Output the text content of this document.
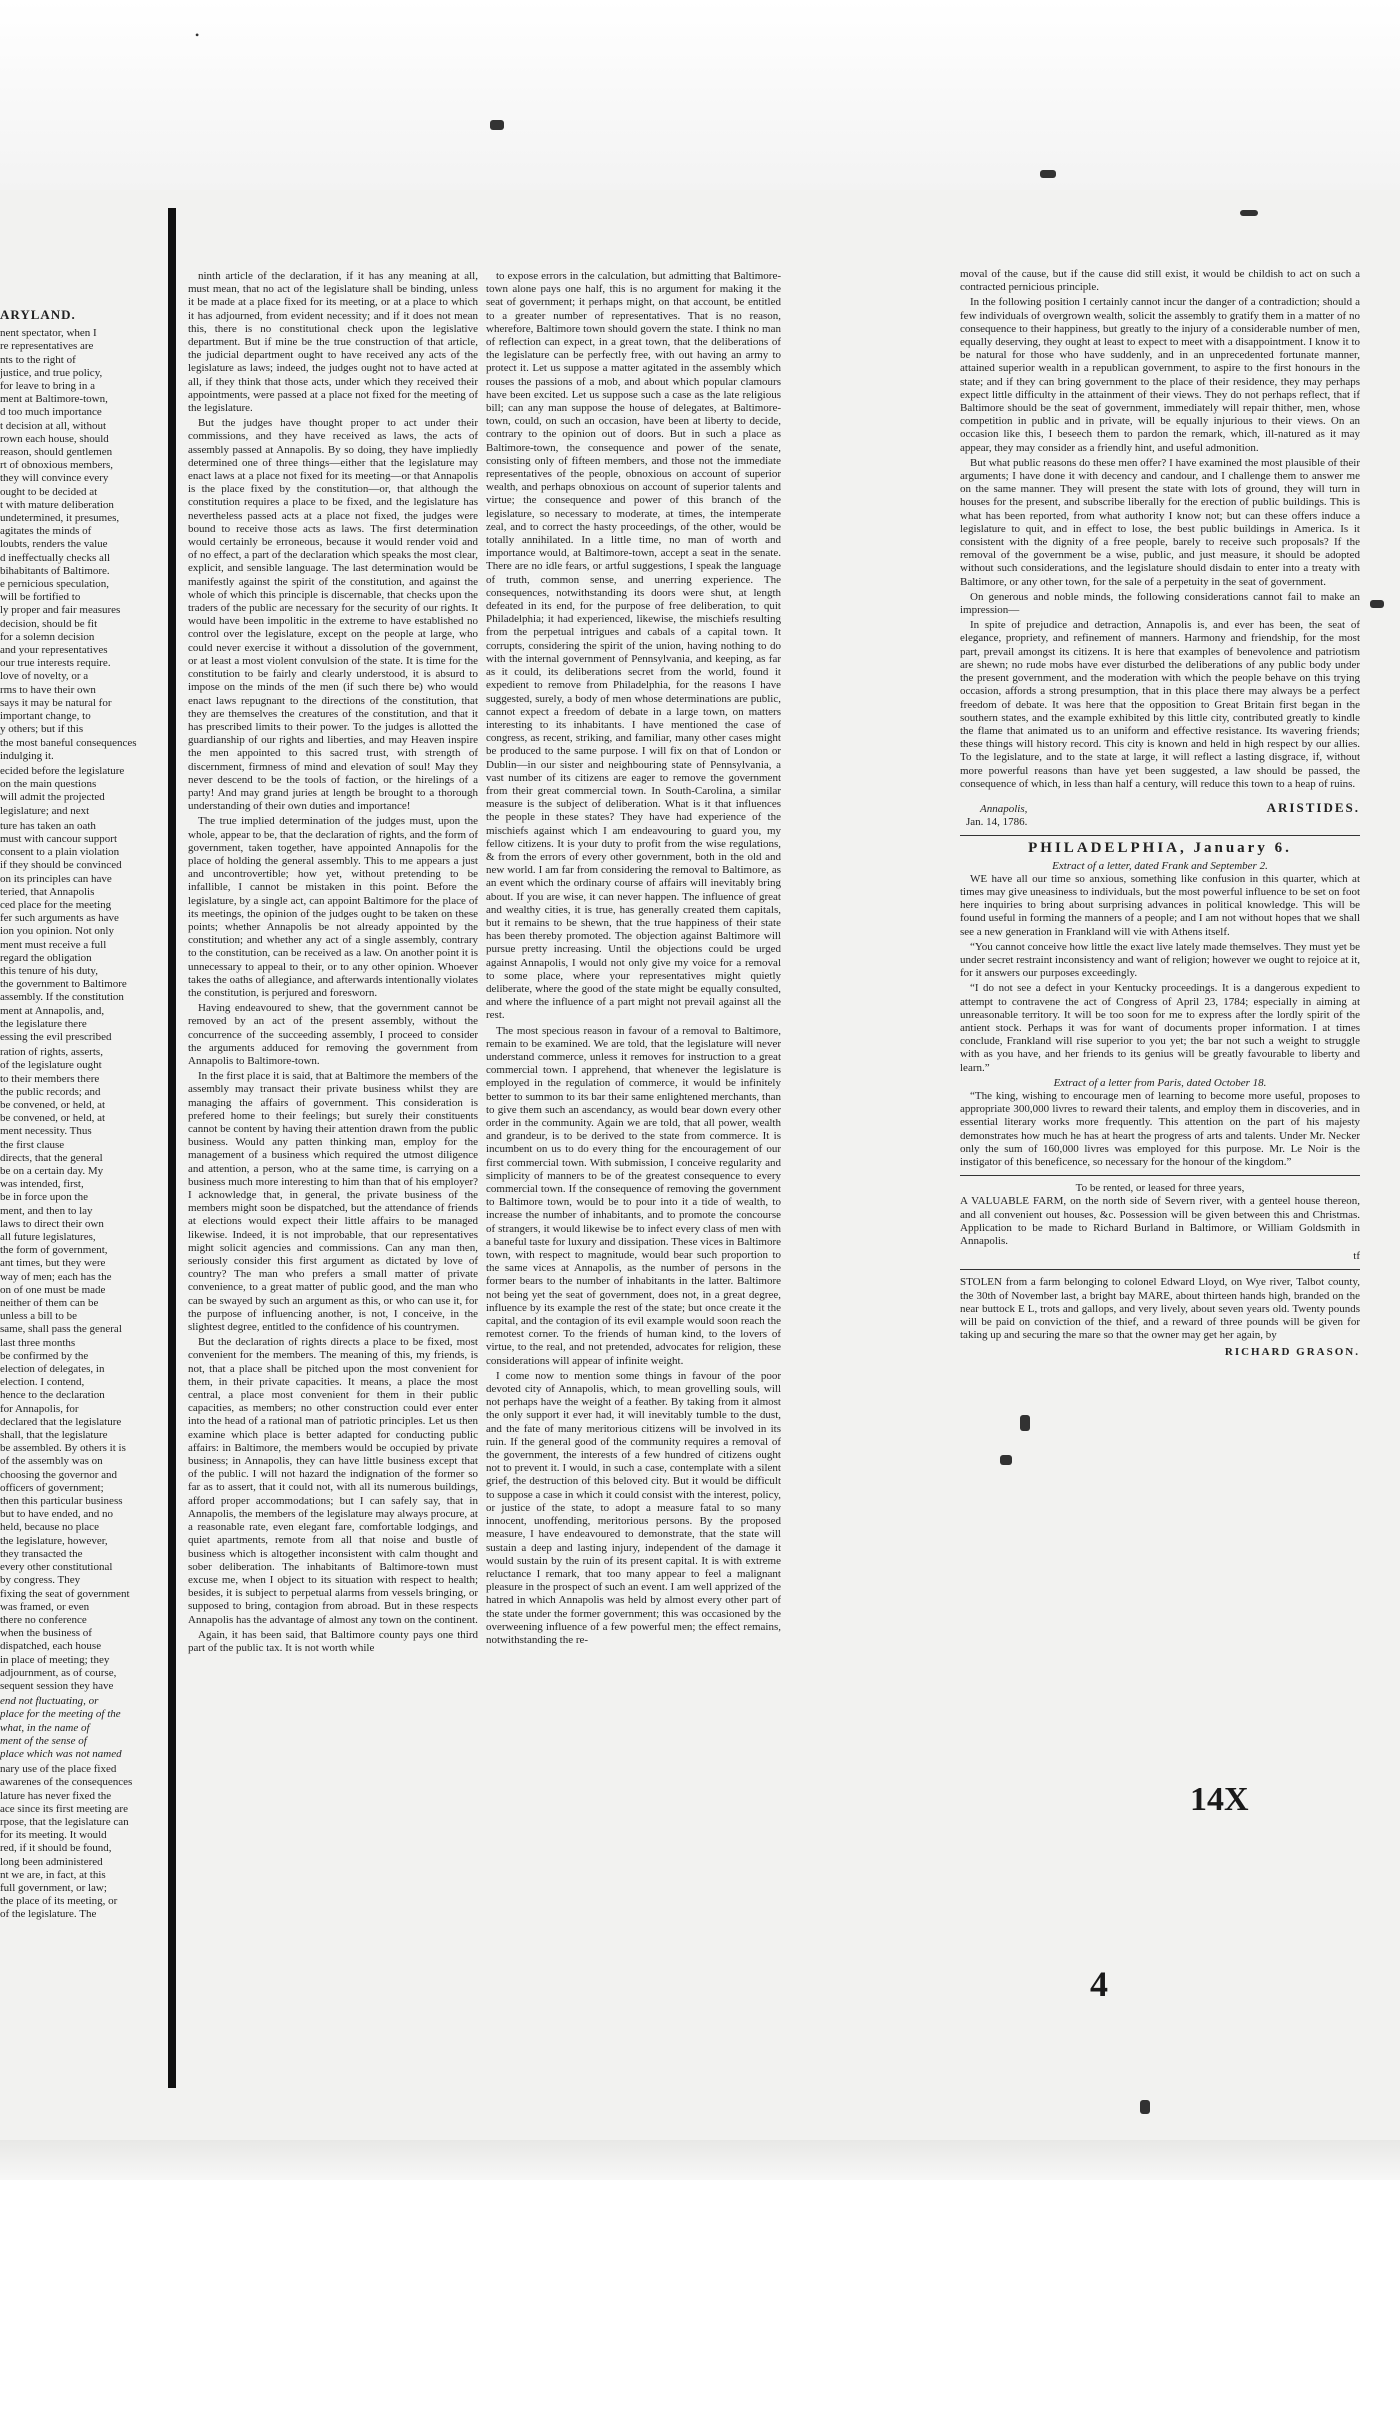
•
ARYLAND.

nent spectator, when I
re representatives are
nts to the right of
justice, and true policy,
for leave to bring in a
ment at Baltimore-town,
d too much importance
t decision at all, without
rown each house, should
reason, should gentlemen
rt of obnoxious members,
they will convince every
ought to be decided at
t with mature deliberation
undetermined, it presumes,
agitates the minds of
loubts, renders the value
d ineffectually checks all
bihabitants of Baltimore.
e pernicious speculation,
will be fortified to
ly proper and fair measures
decision, should be fit
for a solemn decision
and your representatives
our true interests require.
love of novelty, or a
rms to have their own
says it may be natural for
important change, to
y others; but if this
the most baneful consequences
indulging it.

ecided before the legislature
on the main questions
will admit the projected
legislature; and next

ture has taken an oath
must with cancour support
consent to a plain violation
if they should be convinced
on its principles can have
teried, that Annapolis
ced place for the meeting
fer such arguments as have
ion you opinion. Not only
ment must receive a full
regard the obligation
this tenure of his duty,
the government to Baltimore
assembly. If the constitution
ment at Annapolis, and,
the legislature there
essing the evil prescribed

ration of rights, asserts,
of the legislature ought
to their members there
the public records; and
be convened, or held, at
be convened, or held, at
ment necessity. Thus
the first clause
directs, that the general
be on a certain day. My
was intended, first,
be in force upon the
ment, and then to lay
laws to direct their own
all future legislatures,
the form of government,
ant times, but they were
way of men; each has the
on of one must be made
neither of them can be
unless a bill to be
same, shall pass the general
last three months
be confirmed by the
election of delegates, in
election. I contend,
hence to the declaration
for Annapolis, for
declared that the legislature
shall, that the legislature
be assembled. By others it is
of the assembly was on
choosing the governor and
officers of government;
then this particular business
but to have ended, and no
held, because no place
the legislature, however,
they transacted the
every other constitutional
by congress. They
fixing the seat of government
was framed, or even
there no conference
when the business of
dispatched, each house
in place of meeting; they
adjournment, as of course,
sequent session they have

end not fluctuating, or
place for the meeting of the
what, in the name of
ment of the sense of
place which was not named

nary use of the place fixed
awarenes of the consequences
lature has never fixed the
ace since its first meeting are
rpose, that the legislature can
for its meeting. It would
red, if it should be found,
long been administered
nt we are, in fact, at this
full government, or law;
the place of its meeting, or
of the legislature. The

ninth article of the declaration, if it has any meaning at all, must mean, that no act of the legislature shall be binding, unless it be made at a place fixed for its meeting, or at a place to which it has adjourned, from evident necessity; and if it does not mean this, there is no constitutional check upon the legislative department. But if mine be the true construction of that article, the judicial department ought to have received any acts of the legislature as laws; indeed, the judges ought not to have acted at all, if they think that those acts, under which they received their appointments, were passed at a place not fixed for the meeting of the legislature.

But the judges have thought proper to act under their commissions, and they have received as laws, the acts of assembly passed at Annapolis. By so doing, they have impliedly determined one of three things—either that the legislature may enact laws at a place not fixed for its meeting—or that Annapolis is the place fixed by the constitution—or, that although the constitution requires a place to be fixed, and the legislature has nevertheless passed acts at a place not fixed, the judges were bound to receive those acts as laws. The first determination would certainly be erroneous, because it would render void and of no effect, a part of the declaration which speaks the most clear, explicit, and sensible language. The last determination would be manifestly against the spirit of the constitution, and against the whole of which this principle is discernable, that checks upon the traders of the public are necessary for the security of our rights. It would have been impolitic in the extreme to have established no control over the legislature, except on the people at large, who could never exercise it without a dissolution of the government, or at least a most violent convulsion of the state. It is time for the constitution to be fairly and clearly understood, it is absurd to impose on the minds of the men (if such there be) who would enact laws repugnant to the directions of the constitution, that they are themselves the creatures of the constitution, and that it has prescribed limits to their power. To the judges is allotted the guardianship of our rights and liberties, and may Heaven inspire the men appointed to this sacred trust, with strength of discernment, firmness of mind and elevation of soul! May they never descend to be the tools of faction, or the hirelings of a party! And may grand juries at length be brought to a thorough understanding of their own duties and importance!

The true implied determination of the judges must, upon the whole, appear to be, that the declaration of rights, and the form of government, taken together, have appointed Annapolis for the place of holding the general assembly. This to me appears a just and uncontrovertible; how yet, without pretending to be infallible, I cannot be mistaken in this point. Before the legislature, by a single act, can appoint Baltimore for the place of its meetings, the opinion of the judges ought to be taken on these points; whether Annapolis be not already appointed by the constitution; and whether any act of a single assembly, contrary to the constitution, can be received as a law. On another point it is unnecessary to appeal to their, or to any other opinion. Whoever takes the oaths of allegiance, and afterwards intentionally violates the constitution, is perjured and foresworn.

Having endeavoured to shew, that the government cannot be removed by an act of the present assembly, without the concurrence of the succeeding assembly, I proceed to consider the arguments adduced for removing the government from Annapolis to Baltimore-town.

In the first place it is said, that at Baltimore the members of the assembly may transact their private business whilst they are managing the affairs of government. This consideration is prefered home to their feelings; but surely their constituents cannot be content by having their attention drawn from the public business. Would any patten thinking man, employ for the management of a business which required the utmost diligence and attention, a person, who at the same time, is carrying on a business much more interesting to him than that of his employer? I acknowledge that, in general, the private business of the members might soon be dispatched, but the attendance of friends at elections would expect their little affairs to be managed likewise. Indeed, it is not improbable, that our representatives might solicit agencies and commissions. Can any man then, seriously consider this first argument as dictated by love of country? The man who prefers a small matter of private convenience, to a great matter of public good, and the man who can be swayed by such an argument as this, or who can use it, for the purpose of influencing another, is not, I conceive, in the slightest degree, entitled to the confidence of his countrymen.

But the declaration of rights directs a place to be fixed, most convenient for the members. The meaning of this, my friends, is not, that a place shall be pitched upon the most convenient for them, in their private capacities. It means, a place the most central, a place most convenient for them in their public capacities, as members; no other construction could ever enter into the head of a rational man of patriotic principles. Let us then examine which place is better adapted for conducting public affairs: in Baltimore, the members would be occupied by private business; in Annapolis, they can have little business except that of the public. I will not hazard the indignation of the former so far as to assert, that it could not, with all its numerous buildings, afford proper accommodations; but I can safely say, that in Annapolis, the members of the legislature may always procure, at a reasonable rate, even elegant fare, comfortable lodgings, and quiet apartments, remote from all that noise and bustle of business which is altogether inconsistent with calm thought and sober deliberation. The inhabitants of Baltimore-town must excuse me, when I object to its situation with respect to health; besides, it is subject to perpetual alarms from vessels bringing, or supposed to bring, contagion from abroad. But in these respects Annapolis has the advantage of almost any town on the continent.

Again, it has been said, that Baltimore county pays one third part of the public tax. It is not worth while

to expose errors in the calculation, but admitting that Baltimore-town alone pays one half, this is no argument for making it the seat of government; it perhaps might, on that account, be entitled to a greater number of representatives. That is no reason, wherefore, Baltimore town should govern the state. I think no man of reflection can expect, in a great town, that the deliberations of the legislature can be perfectly free, with out having an army to protect it. Let us suppose a matter agitated in the assembly which rouses the passions of a mob, and about which popular clamours have been excited. Let us suppose such a case as the late religious bill; can any man suppose the house of delegates, at Baltimore-town, could, on such an occasion, have been at liberty to decide, contrary to the opinion out of doors. But in such a place as Baltimore-town, the consequence and power of the senate, consisting only of fifteen members, and those not the immediate representatives of the people, obnoxious on account of superior wealth, and perhaps obnoxious on account of superior talents and virtue; the consequence and power of this branch of the legislature, so necessary to moderate, at times, the intemperate zeal, and to correct the hasty proceedings, of the other, would be totally annihilated. In a little time, no man of worth and importance would, at Baltimore-town, accept a seat in the senate. There are no idle fears, or artful suggestions, I speak the language of truth, common sense, and unerring experience. The consequences, notwithstanding its doors were shut, at length defeated in its end, for the purpose of free deliberation, to quit Philadelphia; it had experienced, likewise, the mischiefs resulting from the perpetual intrigues and cabals of a capital town. It corrupts, considering the spirit of the union, having nothing to do with the internal government of Pennsylvania, and keeping, as far as it could, its deliberations secret from the world, found it expedient to remove from Philadelphia, for the reasons I have suggested, surely, a body of men whose determinations are public, cannot expect a freedom of debate in a large town, on matters interesting to its inhabitants. I have mentioned the case of congress, as recent, striking, and familiar, many other cases might be produced to the same purpose. I will fix on that of London or Dublin—in our sister and neighbouring state of Pennsylvania, a vast number of its citizens are eager to remove the government from their great commercial town. In South-Carolina, a similar measure is the subject of deliberation. What is it that influences the people in these states? They have had experience of the mischiefs against which I am endeavouring to guard you, my fellow citizens. It is your duty to profit from the wise regulations, & from the errors of every other government, both in the old and new world. I am far from considering the removal to Baltimore, as an event which the ordinary course of affairs will inevitably bring about. If you are wise, it can never happen. The influence of great and wealthy cities, it is true, has generally created them capitals, but it remains to be shewn, that the true happiness of their state has been thereby promoted. The objection against Baltimore will pursue pretty increasing. Until the objections could be urged against Annapolis, I would not only give my voice for a removal to some place, where your representatives might quietly deliberate, where the good of the state might be equally consulted, and where the influence of a part might not prevail against all the rest.

The most specious reason in favour of a removal to Baltimore, remain to be examined. We are told, that the legislature will never understand commerce, unless it removes for instruction to a great commercial town. I apprehend, that whenever the legislature is employed in the regulation of commerce, it would be infinitely better to summon to its bar their same enlightened merchants, than to give them such an ascendancy, as would bear down every other order in the community. Again we are told, that all power, wealth and grandeur, is to be derived to the state from commerce. It is incumbent on us to do every thing for the encouragement of our first commercial town. With submission, I conceive regularity and simplicity of manners to be of the greatest consequence to every commercial town. If the consequence of removing the government to Baltimore town, would be to pour into it a tide of wealth, to increase the number of inhabitants, and to promote the concourse of strangers, it would likewise be to infect every class of men with a baneful taste for luxury and dissipation. These vices in Baltimore town, with respect to magnitude, would bear such proportion to the same vices at Annapolis, as the number of persons in the former bears to the number of inhabitants in the latter. Baltimore not being yet the seat of government, does not, in a great degree, influence by its example the rest of the state; but once create it the capital, and the contagion of its evil example would soon reach the remotest corner. To the friends of human kind, to the lovers of virtue, to the real, and not pretended, advocates for religion, these considerations will appear of infinite weight.

I come now to mention some things in favour of the poor devoted city of Annapolis, which, to mean grovelling souls, will not perhaps have the weight of a feather. By taking from it almost the only support it ever had, it will inevitably tumble to the dust, and the fate of many meritorious citizens will be involved in its ruin. If the general good of the community requires a removal of the government, the interests of a few hundred of citizens ought not to prevent it. I would, in such a case, contemplate with a silent grief, the destruction of this beloved city. But it would be difficult to suppose a case in which it could consist with the interest, policy, or justice of the state, to adopt a measure fatal to so many innocent, unoffending, meritorious persons. By the proposed measure, I have endeavoured to demonstrate, that the state will sustain a deep and lasting injury, independent of the damage it would sustain by the ruin of its present capital. It is with extreme reluctance I remark, that too many appear to feel a malignant pleasure in the prospect of such an event. I am well apprized of the hatred in which Annapolis was held by almost every other part of the state under the former government; this was occasioned by the overweening influence of a few powerful men; the effect remains, notwithstanding the re-

moval of the cause, but if the cause did still exist, it would be childish to act on such a contracted pernicious principle.

In the following position I certainly cannot incur the danger of a contradiction; should a few individuals of overgrown wealth, solicit the assembly to gratify them in a matter of no consequence to their happiness, but greatly to the injury of a considerable number of men, equally deserving, they ought at least to expect to meet with a disappointment. I know it to be natural for those who have suddenly, and in an unprecedented fortunate manner, attained superior wealth in a republican government, to aspire to the first honours in the state; and if they can bring government to the place of their residence, they may perhaps expect little difficulty in the attainment of their views. They do not perhaps reflect, that if Baltimore should be the seat of government, immediately will repair thither, men, whose competition in public and in private, will be equally injurious to their views. On an occasion like this, I beseech them to pardon the remark, which, ill-natured as it may appear, they may consider as a friendly hint, and useful admonition.

But what public reasons do these men offer? I have examined the most plausible of their arguments; I have done it with decency and candour, and I challenge them to answer me on the same manner. They will present the state with lots of ground, they will turn in houses for the present, and subscribe liberally for the erection of public buildings. This is what has been reported, from what authority I know not; but can these offers induce a legislature to quit, and in effect to lose, the best public buildings in America. Is it consistent with the dignity of a free people, barely to receive such proposals? If the removal of the government be a wise, public, and just measure, it should be adopted without such considerations, and the legislature should disdain to enter into a treaty with Baltimore, or any other town, for the sale of a perpetuity in the seat of government.

On generous and noble minds, the following considerations cannot fail to make an impression—

In spite of prejudice and detraction, Annapolis is, and ever has been, the seat of elegance, propriety, and refinement of manners. Harmony and friendship, for the most part, prevail amongst its citizens. It is here that examples of benevolence and patriotism are shewn; no rude mobs have ever disturbed the deliberations of any public body under the present government, and the moderation with which the people behave on this trying occasion, affords a strong presumption, that in this place there may always be a perfect freedom of debate. It was here that the opposition to Great Britain first began in the southern states, and the example exhibited by this little city, contributed greatly to kindle the flame that animated us to an uniform and effective resistance. Its wavering friends; these things will history record. This city is known and held in high respect by our allies. To the legislature, and to the state at large, it will reflect a lasting disgrace, if, without more powerful reasons than have yet been suggested, a law should be passed, the consequence of which, in less than half a century, will reduce this town to a heap of ruins.

Annapolis,
Jan. 14, 1786.
ARISTIDES.
PHILADELPHIA, January 6.
Extract of a letter, dated Frank and September 2.

WE have all our time so anxious, something like confusion in this quarter, which at times may give uneasiness to individuals, but the most powerful influence to be set on foot here inquiries to bring about surprising advances in political knowledge. This will be found useful in forming the manners of a people; and I am not without hopes that we shall see a new generation in Frankland will vie with Athens itself.

“You cannot conceive how little the exact live lately made themselves. They must yet be under secret restraint inconsistency and want of religion; however we ought to rejoice at it, for it answers our purposes exceedingly.

“I do not see a defect in your Kentucky proceedings. It is a dangerous expedient to attempt to contravene the act of Congress of April 23, 1784; especially in aiming at unreasonable territory. It will be too soon for me to express after the lordly spirit of the antient stock. Perhaps it was for want of documents proper information. I at times conclude, Frankland will rise superior to you yet; the bar not such a weight to struggle with as you have, and her friends to its genius will be greatly favourable to liberty and learn.”

Extract of a letter from Paris, dated October 18.

“The king, wishing to encourage men of learning to become more useful, proposes to appropriate 300,000 livres to reward their talents, and employ them in discoveries, and in essential literary works more frequently. This attention on the part of his majesty demonstrates how much he has at heart the progress of arts and talents. Under Mr. Necker only the sum of 160,000 livres was employed for this purpose. Mr. Le Noir is the instigator of this beneficence, so necessary for the honour of the kingdom.”

To be rented, or leased for three years,

A VALUABLE FARM, on the north side of Severn river, with a genteel house thereon, and all convenient out houses, &c. Possession will be given between this and Christmas. Application to be made to Richard Burland in Baltimore, or William Goldsmith in Annapolis.

tf

STOLEN from a farm belonging to colonel Edward Lloyd, on Wye river, Talbot county, the 30th of November last, a bright bay MARE, about thirteen hands high, branded on the near buttock E L, trots and gallops, and very lively, about seven years old. Twenty pounds will be paid on conviction of the thief, and a reward of three pounds will be given for taking up and securing the mare so that the owner may get her again, by

RICHARD GRASON.
14X
4
